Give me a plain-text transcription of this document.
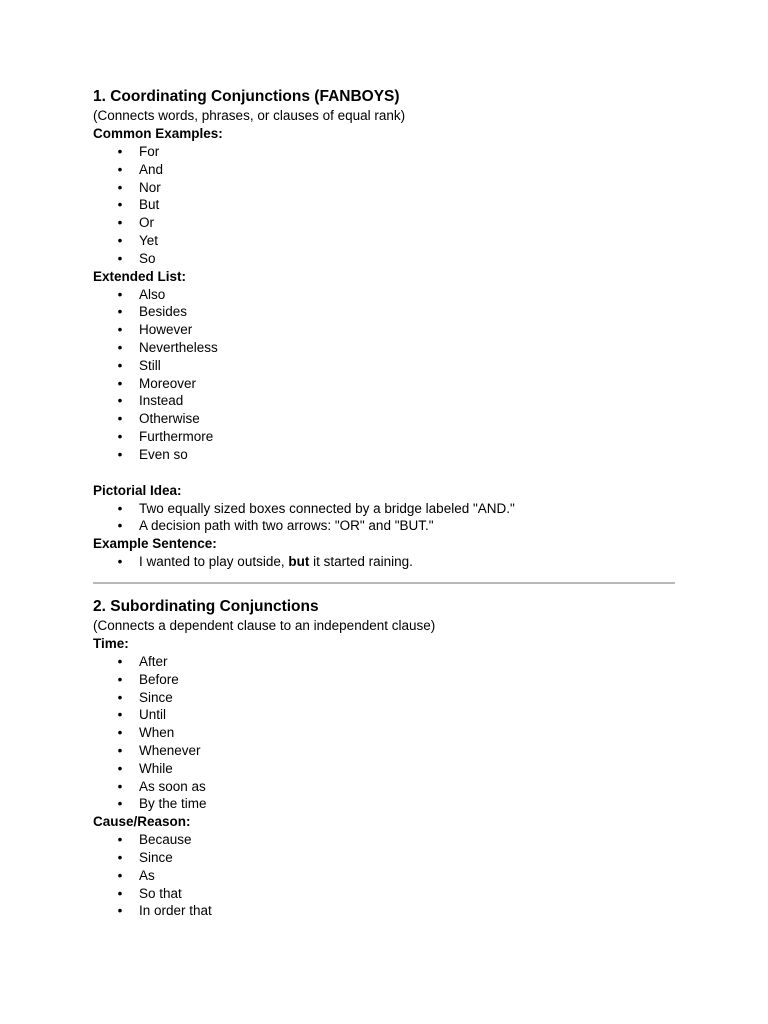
1. Coordinating Conjunctions (FANBOYS)
(Connects words, phrases, or clauses of equal rank)
Common Examples:
• For
• And
• Nor
• But
• Or
• Yet
• So
Extended List:
• Also
• Besides
• However
• Nevertheless
• Still
• Moreover
• Instead
• Otherwise
• Furthermore
• Even so
Pictorial Idea:
• Two equally sized boxes connected by a bridge labeled "AND."
• A decision path with two arrows: "OR" and "BUT."
Example Sentence:
• I wanted to play outside, but it started raining.
2. Subordinating Conjunctions
(Connects a dependent clause to an independent clause)
Time:
• After
• Before
• Since
• Until
• When
• Whenever
• While
• As soon as
• By the time
Cause/Reason:
• Because
• Since
• As
• So that
• In order that
